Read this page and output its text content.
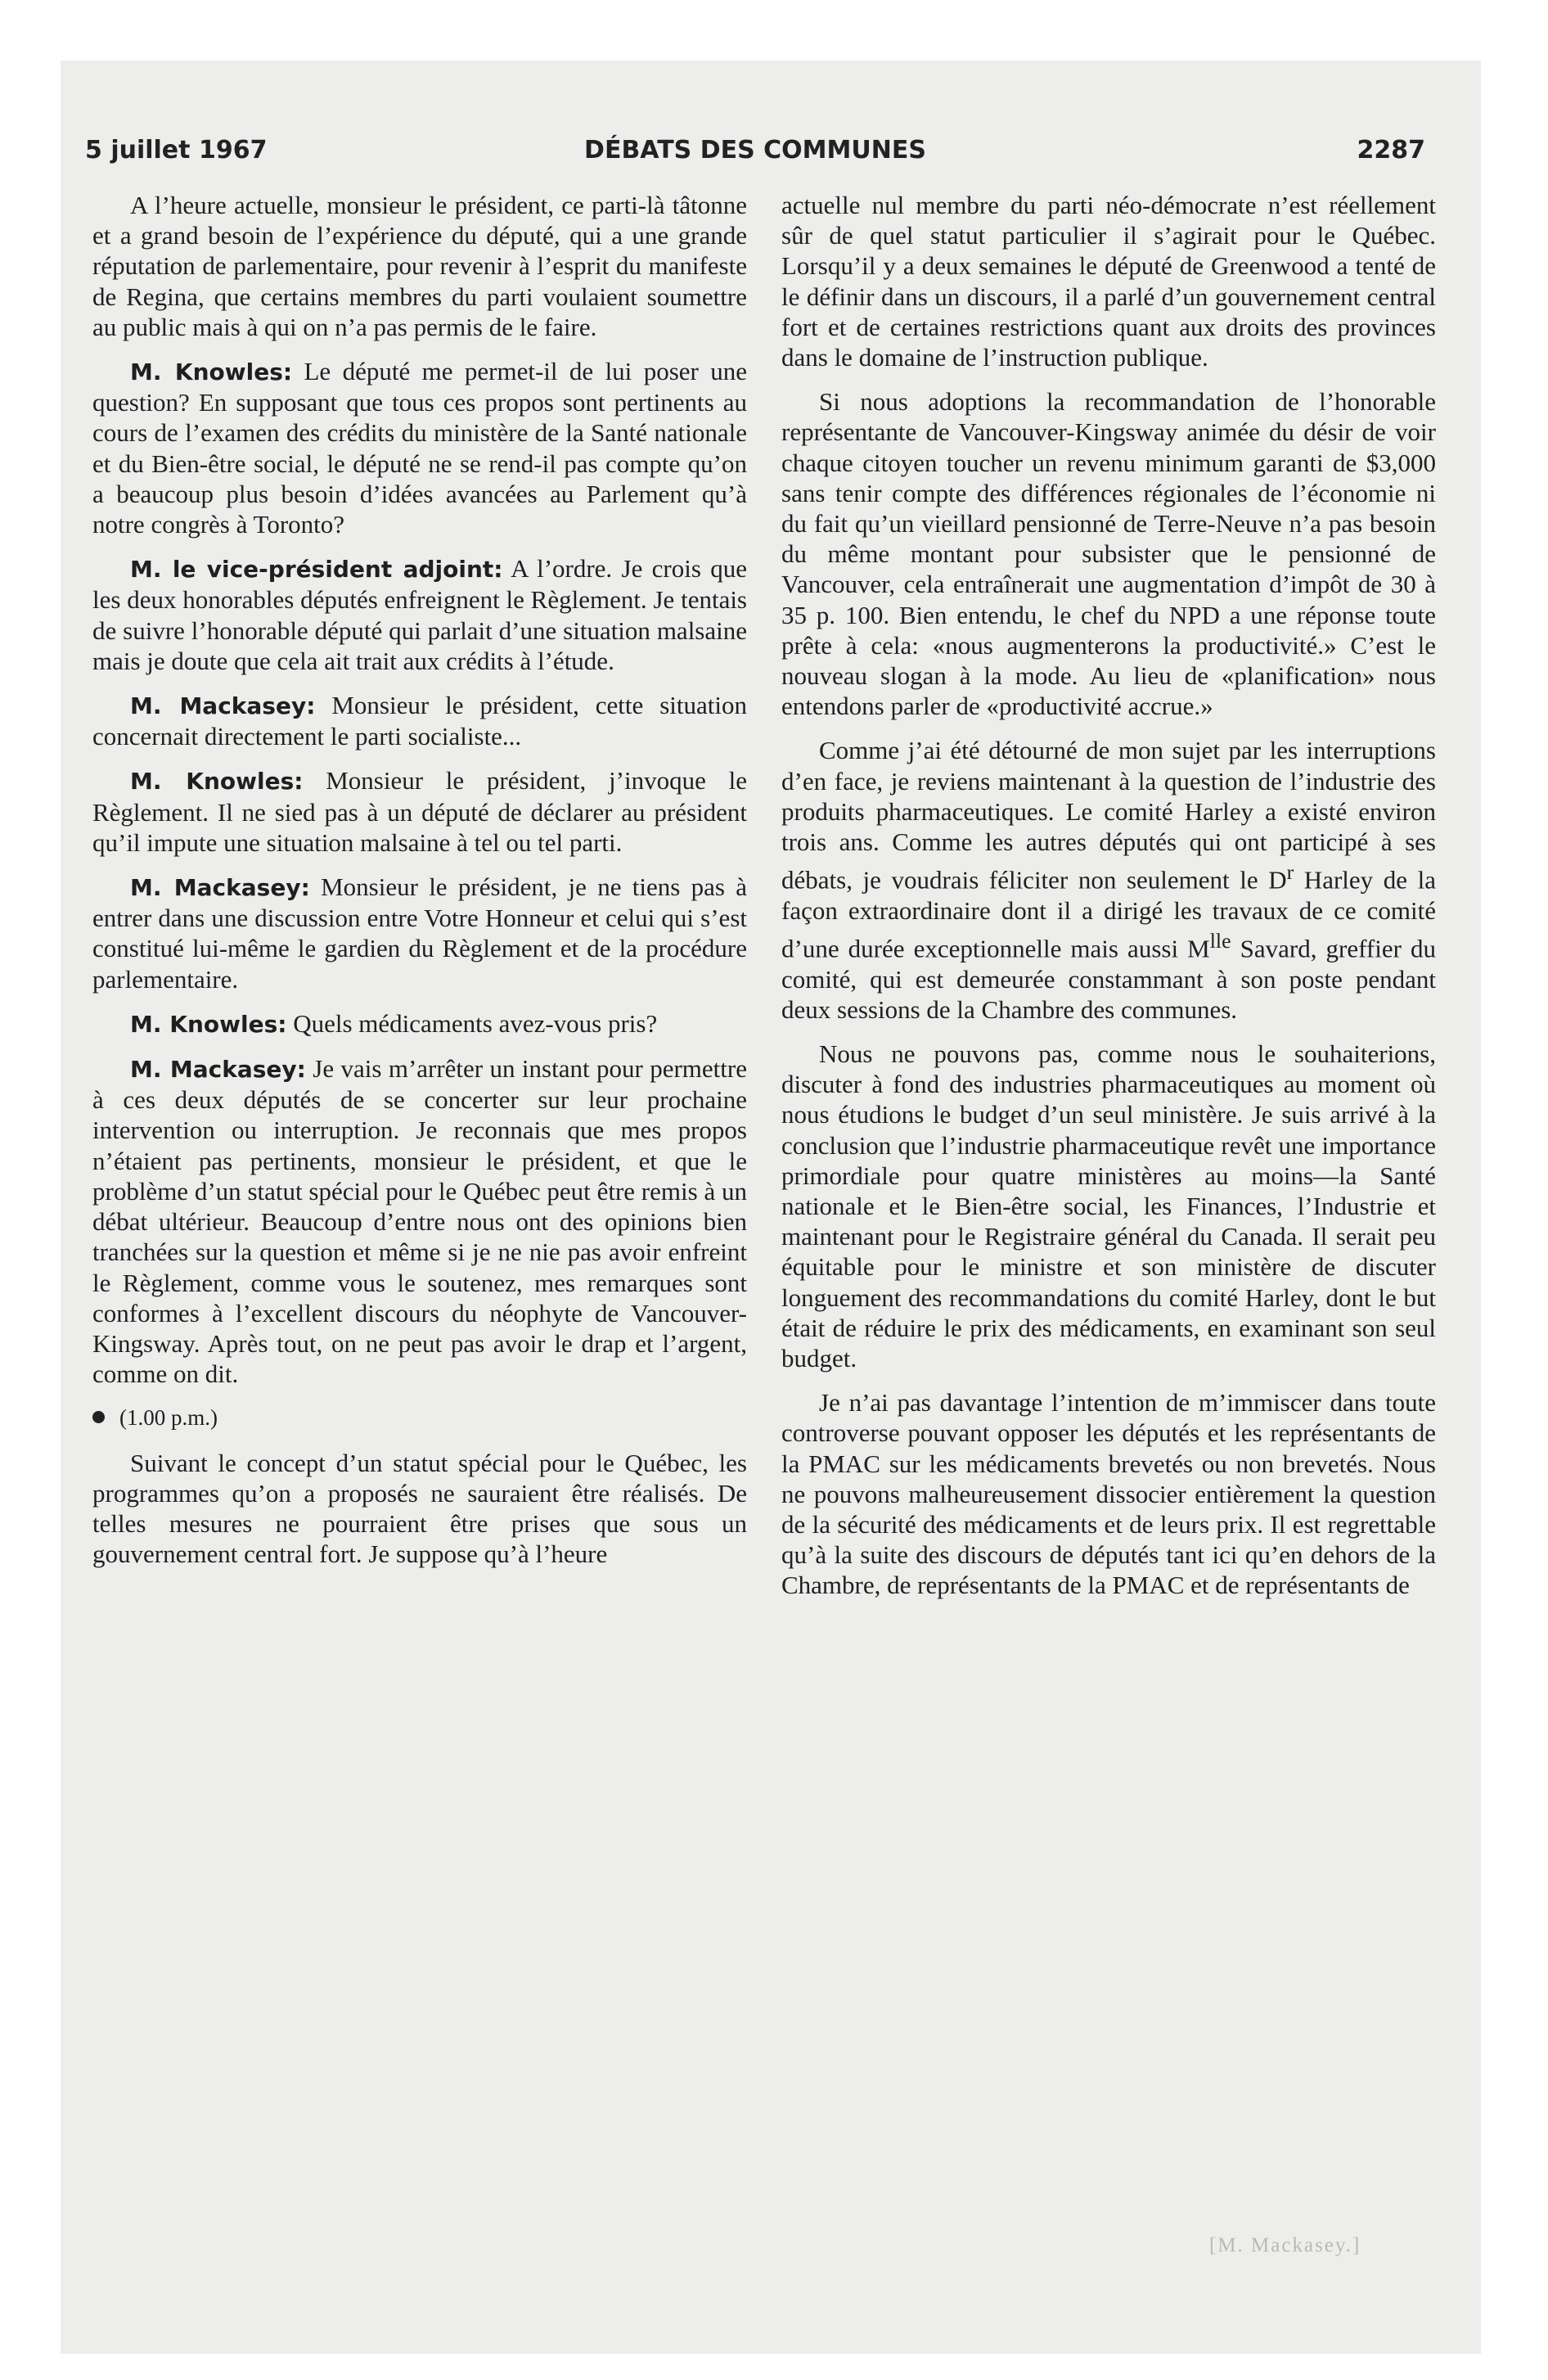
5 juillet 1967	DÉBATS DES COMMUNES	2287

A l’heure actuelle, monsieur le président, ce parti-là tâtonne et a grand besoin de l’expérience du député, qui a une grande réputation de parlementaire, pour revenir à l’esprit du manifeste de Regina, que certains membres du parti voulaient soumettre au public mais à qui on n’a pas permis de le faire.

M. Knowles: Le député me permet-il de lui poser une question? En supposant que tous ces propos sont pertinents au cours de l’examen des crédits du ministère de la Santé nationale et du Bien-être social, le député ne se rend-il pas compte qu’on a beaucoup plus besoin d’idées avancées au Parlement qu’à notre congrès à Toronto?

M. le vice-président adjoint: A l’ordre. Je crois que les deux honorables députés enfreignent le Règlement. Je tentais de suivre l’honorable député qui parlait d’une situation malsaine mais je doute que cela ait trait aux crédits à l’étude.

M. Mackasey: Monsieur le président, cette situation concernait directement le parti socialiste...

M. Knowles: Monsieur le président, j’invoque le Règlement. Il ne sied pas à un député de déclarer au président qu’il impute une situation malsaine à tel ou tel parti.

M. Mackasey: Monsieur le président, je ne tiens pas à entrer dans une discussion entre Votre Honneur et celui qui s’est constitué lui-même le gardien du Règlement et de la procédure parlementaire.

M. Knowles: Quels médicaments avez-vous pris?

M. Mackasey: Je vais m’arrêter un instant pour permettre à ces deux députés de se concerter sur leur prochaine intervention ou interruption. Je reconnais que mes propos n’étaient pas pertinents, monsieur le président, et que le problème d’un statut spécial pour le Québec peut être remis à un débat ultérieur. Beaucoup d’entre nous ont des opinions bien tranchées sur la question et même si je ne nie pas avoir enfreint le Règlement, comme vous le soutenez, mes remarques sont conformes à l’excellent discours du néophyte de Vancouver-Kingsway. Après tout, on ne peut pas avoir le drap et l’argent, comme on dit.

(1.00 p.m.)

Suivant le concept d’un statut spécial pour le Québec, les programmes qu’on a proposés ne sauraient être réalisés. De telles mesures ne pourraient être prises que sous un gouvernement central fort. Je suppose qu’à l’heure

actuelle nul membre du parti néo-démocrate n’est réellement sûr de quel statut particulier il s’agirait pour le Québec. Lorsqu’il y a deux semaines le député de Greenwood a tenté de le définir dans un discours, il a parlé d’un gouvernement central fort et de certaines restrictions quant aux droits des provinces dans le domaine de l’instruction publique.

Si nous adoptions la recommandation de l’honorable représentante de Vancouver-Kingsway animée du désir de voir chaque citoyen toucher un revenu minimum garanti de $3,000 sans tenir compte des différences régionales de l’économie ni du fait qu’un vieillard pensionné de Terre-Neuve n’a pas besoin du même montant pour subsister que le pensionné de Vancouver, cela entraînerait une augmentation d’impôt de 30 à 35 p. 100. Bien entendu, le chef du NPD a une réponse toute prête à cela: «nous augmenterons la productivité.» C’est le nouveau slogan à la mode. Au lieu de «planification» nous entendons parler de «productivité accrue.»

Comme j’ai été détourné de mon sujet par les interruptions d’en face, je reviens maintenant à la question de l’industrie des produits pharmaceutiques. Le comité Harley a existé environ trois ans. Comme les autres députés qui ont participé à ses débats, je voudrais féliciter non seulement le $D^r$ Harley de la façon extraordinaire dont il a dirigé les travaux de ce comité d’une durée exceptionnelle mais aussi $M^{lle}$ Savard, greffier du comité, qui est demeurée constammant à son poste pendant deux sessions de la Chambre des communes.

Nous ne pouvons pas, comme nous le souhaiterions, discuter à fond des industries pharmaceutiques au moment où nous étudions le budget d’un seul ministère. Je suis arrivé à la conclusion que l’industrie pharmaceutique revêt une importance primordiale pour quatre ministères au moins—la Santé nationale et le Bien-être social, les Finances, l’Industrie et maintenant pour le Registraire général du Canada. Il serait peu équitable pour le ministre et son ministère de discuter longuement des recommandations du comité Harley, dont le but était de réduire le prix des médicaments, en examinant son seul budget.

Je n’ai pas davantage l’intention de m’immiscer dans toute controverse pouvant opposer les députés et les représentants de la PMAC sur les médicaments brevetés ou non brevetés. Nous ne pouvons malheureusement dissocier entièrement la question de la sécurité des médicaments et de leurs prix. Il est regrettable qu’à la suite des discours de députés tant ici qu’en dehors de la Chambre, de représentants de la PMAC et de représentants de

[M. Mackasey.]
